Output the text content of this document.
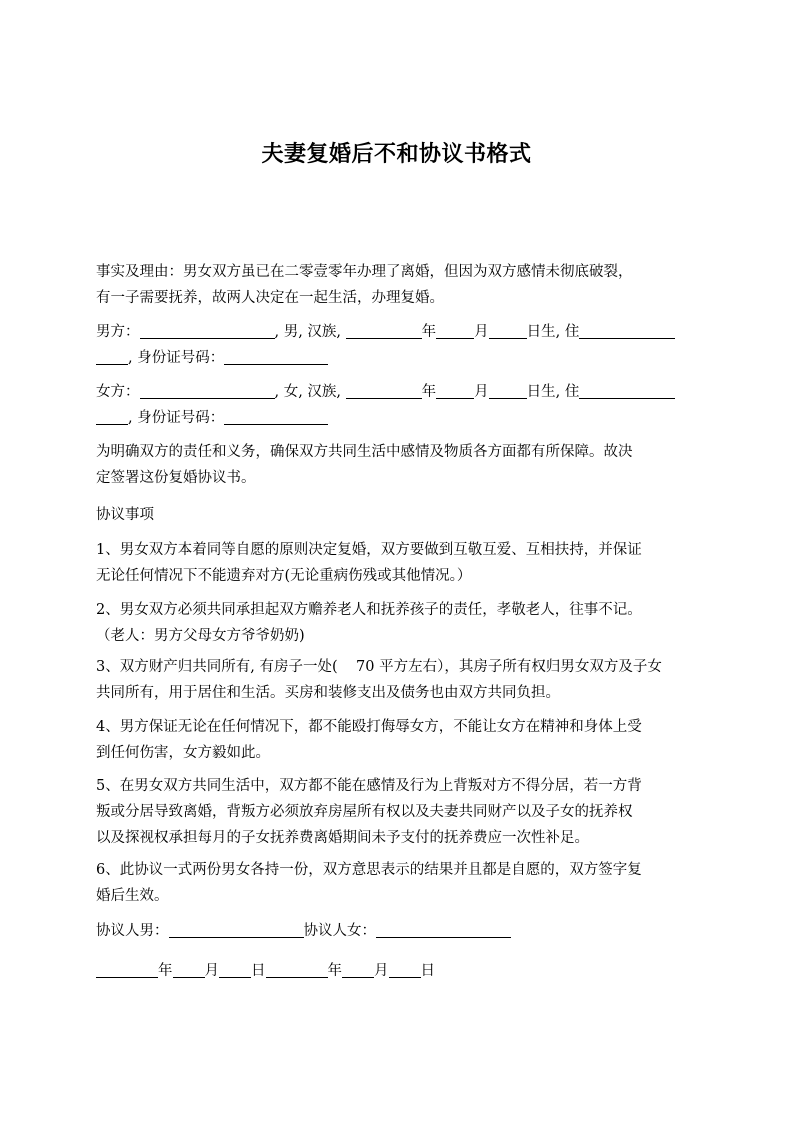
夫妻复婚后不和协议书格式
事实及理由：男女双方虽已在二零壹零年办理了离婚，但因为双方感情未彻底破裂，
有一子需要抚养，故两人决定在一起生活，办理复婚。
男方：	, 男, 汉族,	年	月	日生, 住
, 身份证号码：
女方：	, 女, 汉族,	年	月	日生, 住
, 身份证号码：
为明确双方的责任和义务，确保双方共同生活中感情及物质各方面都有所保障。故决
定签署这份复婚协议书。
协议事项
1、男女双方本着同等自愿的原则决定复婚，双方要做到互敬互爱、互相扶持，并保证
无论任何情况下不能遗弃对方(无论重病伤残或其他情况。）
2、男女双方必须共同承担起双方赡养老人和抚养孩子的责任，孝敬老人，往事不记。
（老人：男方父母女方爷爷奶奶)
3、双方财产归共同所有, 有房子一处(    70 平方左右），其房子所有权归男女双方及子女
共同所有，用于居住和生活。买房和装修支出及债务也由双方共同负担。
4、男方保证无论在任何情况下，都不能殴打侮辱女方，不能让女方在精神和身体上受
到任何伤害，女方毅如此。
5、在男女双方共同生活中，双方都不能在感情及行为上背叛对方不得分居，若一方背
叛或分居导致离婚，背叛方必须放弃房屋所有权以及夫妻共同财产以及子女的抚养权
以及探视权承担每月的子女抚养费离婚期间未予支付的抚养费应一次性补足。
6、此协议一式两份男女各持一份，双方意思表示的结果并且都是自愿的，双方签字复
婚后生效。
协议人男：	协议人女：
年 月 日	年 月 日
